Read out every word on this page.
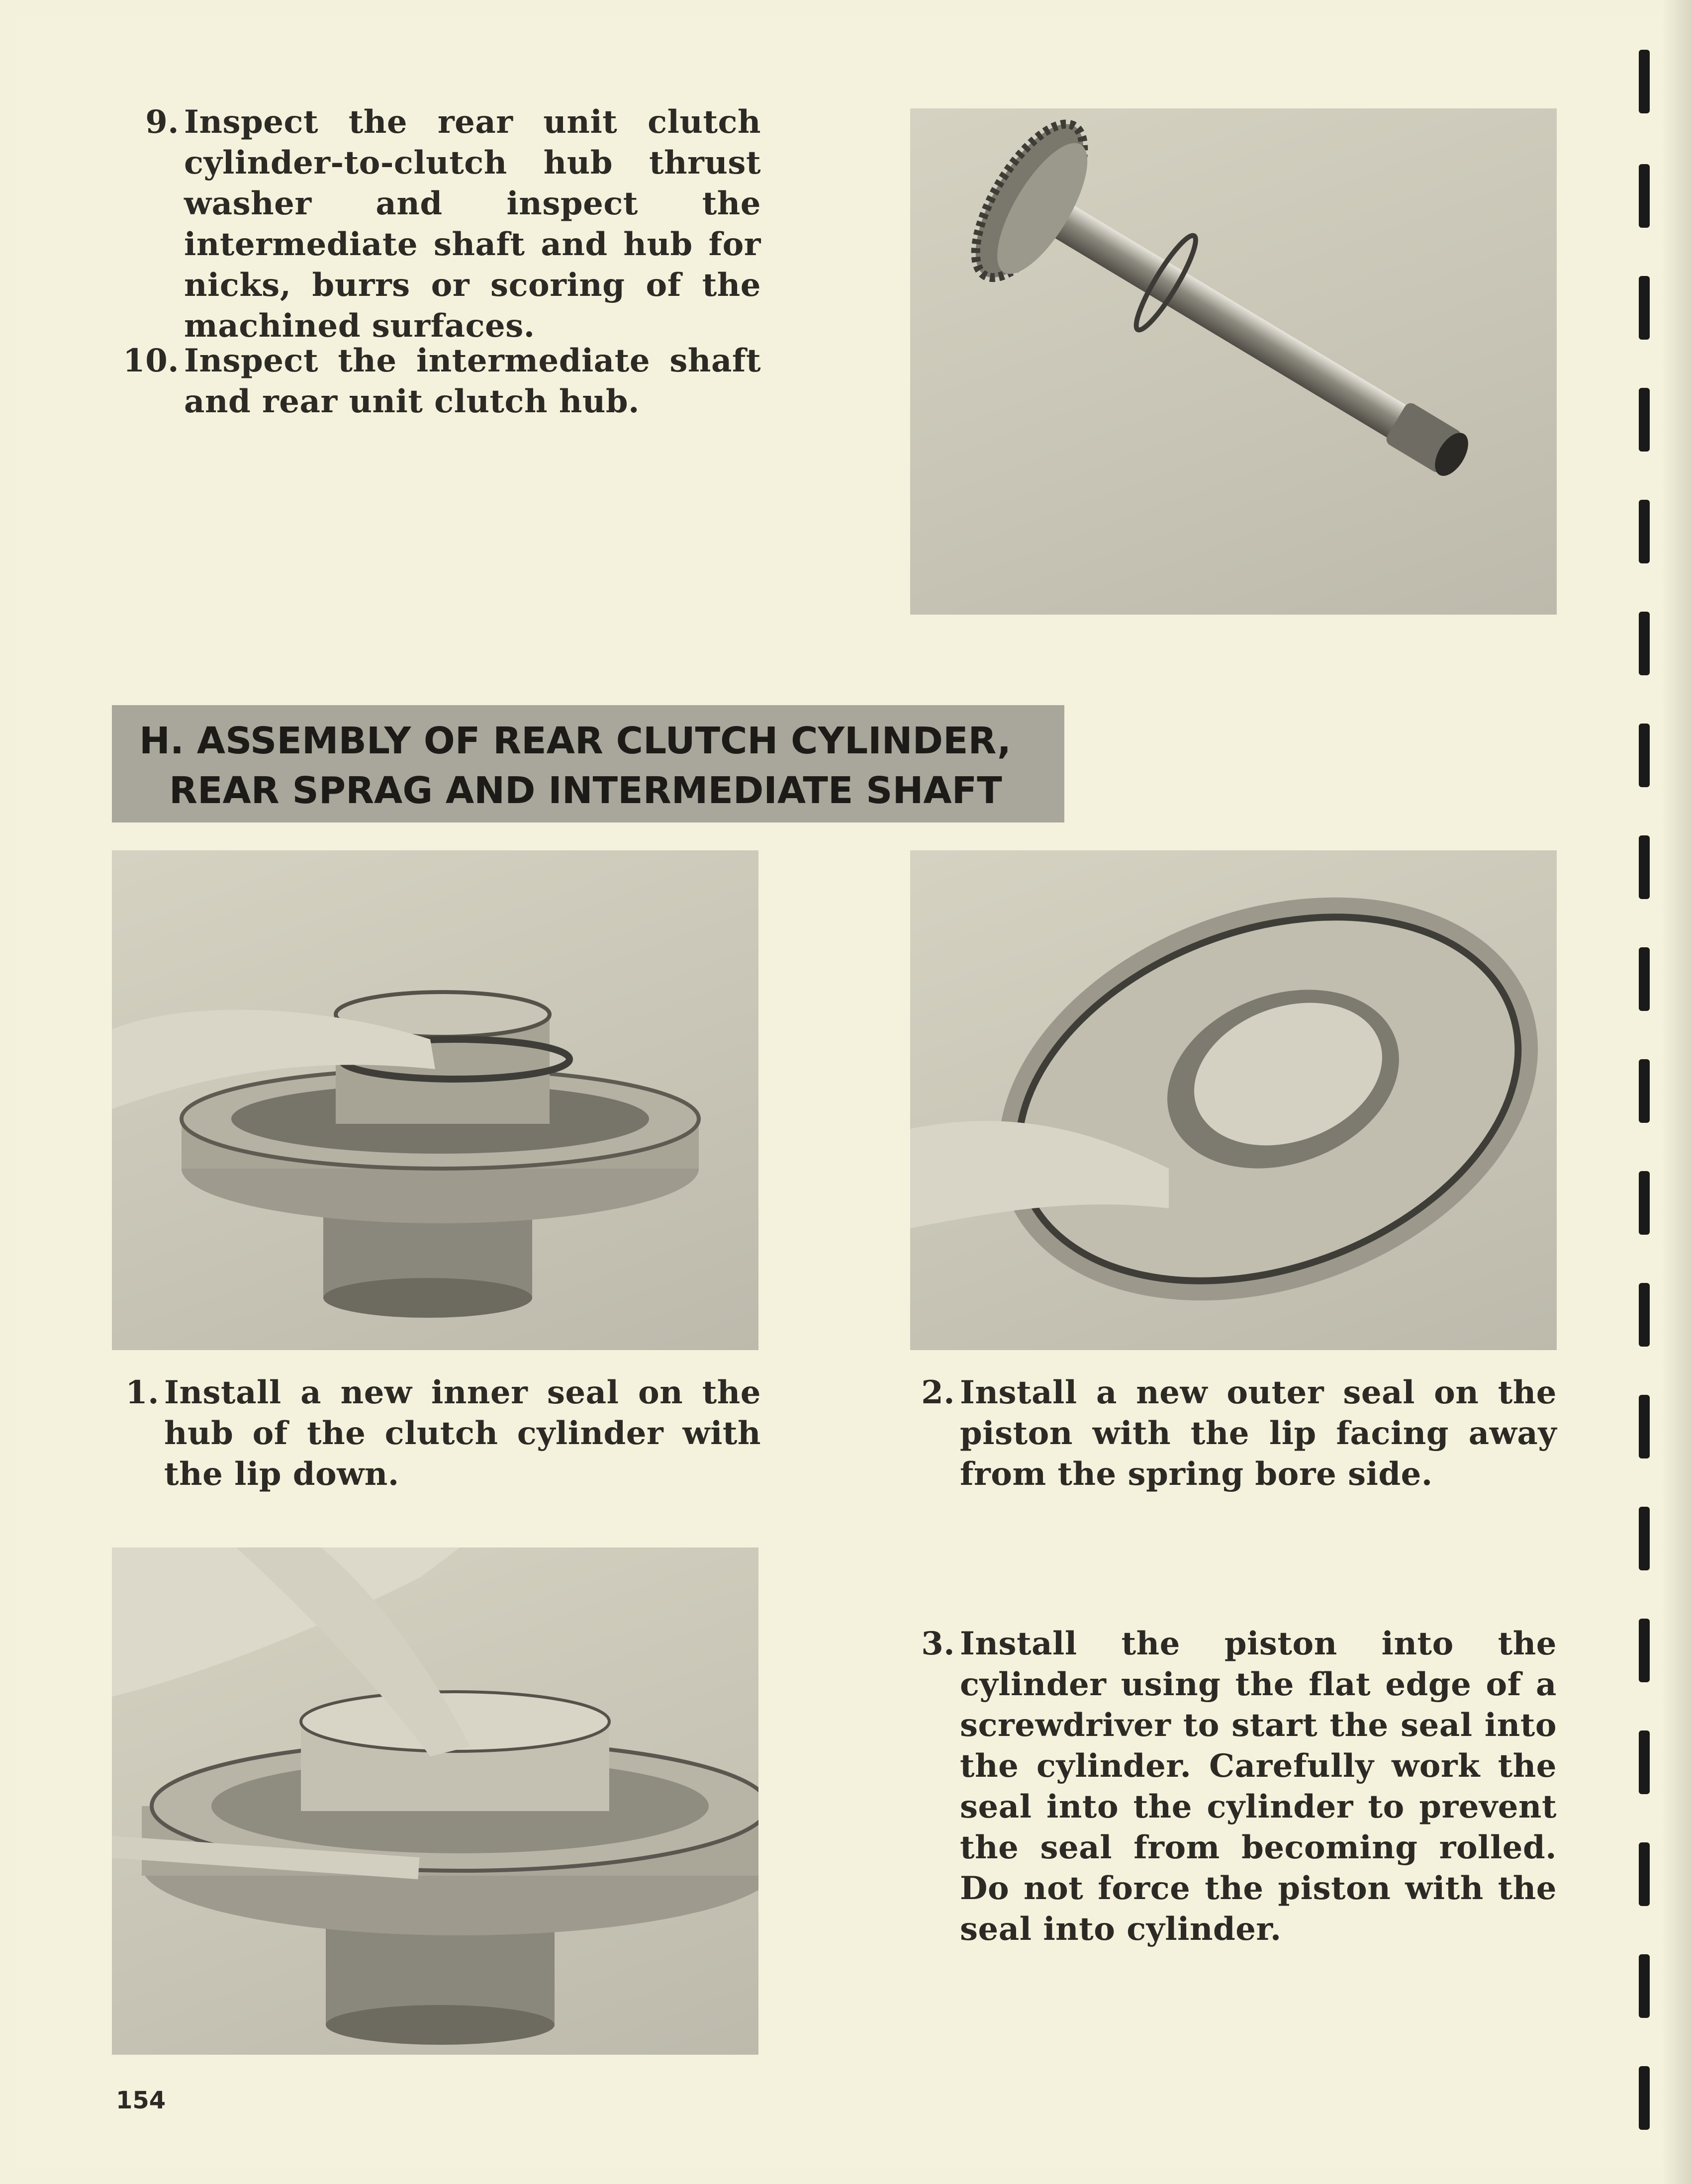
9. Inspect the rear unit clutch cylinder-to-clutch hub thrust washer and inspect the intermediate shaft and hub for nicks, burrs or scoring of the machined surfaces.
10. Inspect the intermediate shaft and rear unit clutch hub.
H. ASSEMBLY OF REAR CLUTCH CYLINDER,
REAR SPRAG AND INTERMEDIATE SHAFT
1. Install a new inner seal on the hub of the clutch cylinder with the lip down.
2. Install a new outer seal on the piston with the lip facing away from the spring bore side.
3. Install the piston into the cylinder using the flat edge of a screwdriver to start the seal into the cylinder. Carefully work the seal into the cylinder to prevent the seal from becoming rolled. Do not force the piston with the seal into cylinder.
154
